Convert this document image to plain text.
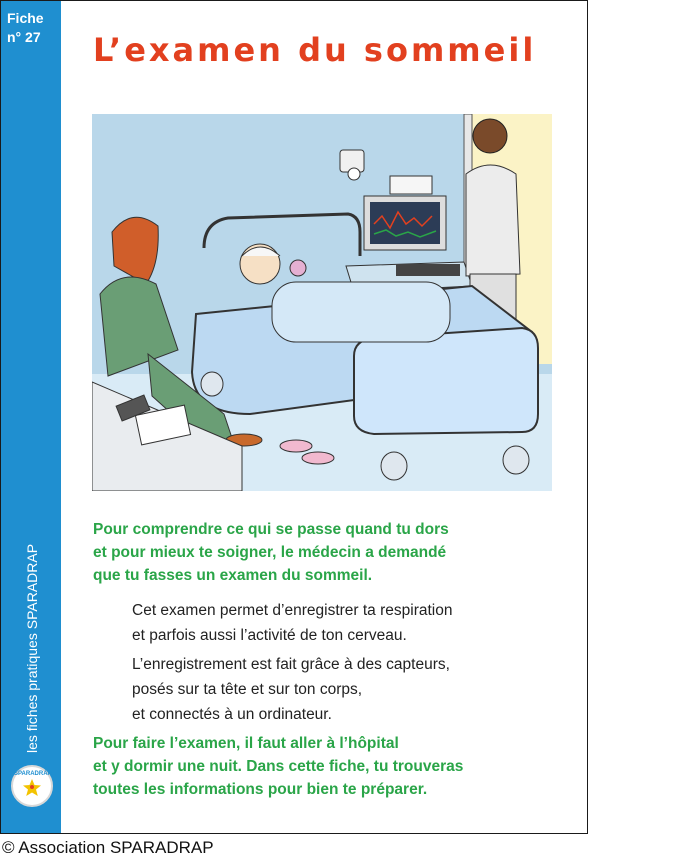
Fiche
n° 27
les fiches pratiques SPARADRAP
SPARADRAP
L’examen du sommeil
Pour comprendre ce qui se passe quand tu dors
et pour mieux te soigner, le médecin a demandé
que tu fasses un examen du sommeil.
Cet examen permet d’enregistrer ta respiration
et parfois aussi l’activité de ton cerveau.
L’enregistrement est fait grâce à des capteurs,
posés sur ta tête et sur ton corps,
et connectés à un ordinateur.
Pour faire l’examen, il faut aller à l’hôpital
et y dormir une nuit. Dans cette fiche, tu trouveras
toutes les informations pour bien te préparer.
© Association SPARADRAP
